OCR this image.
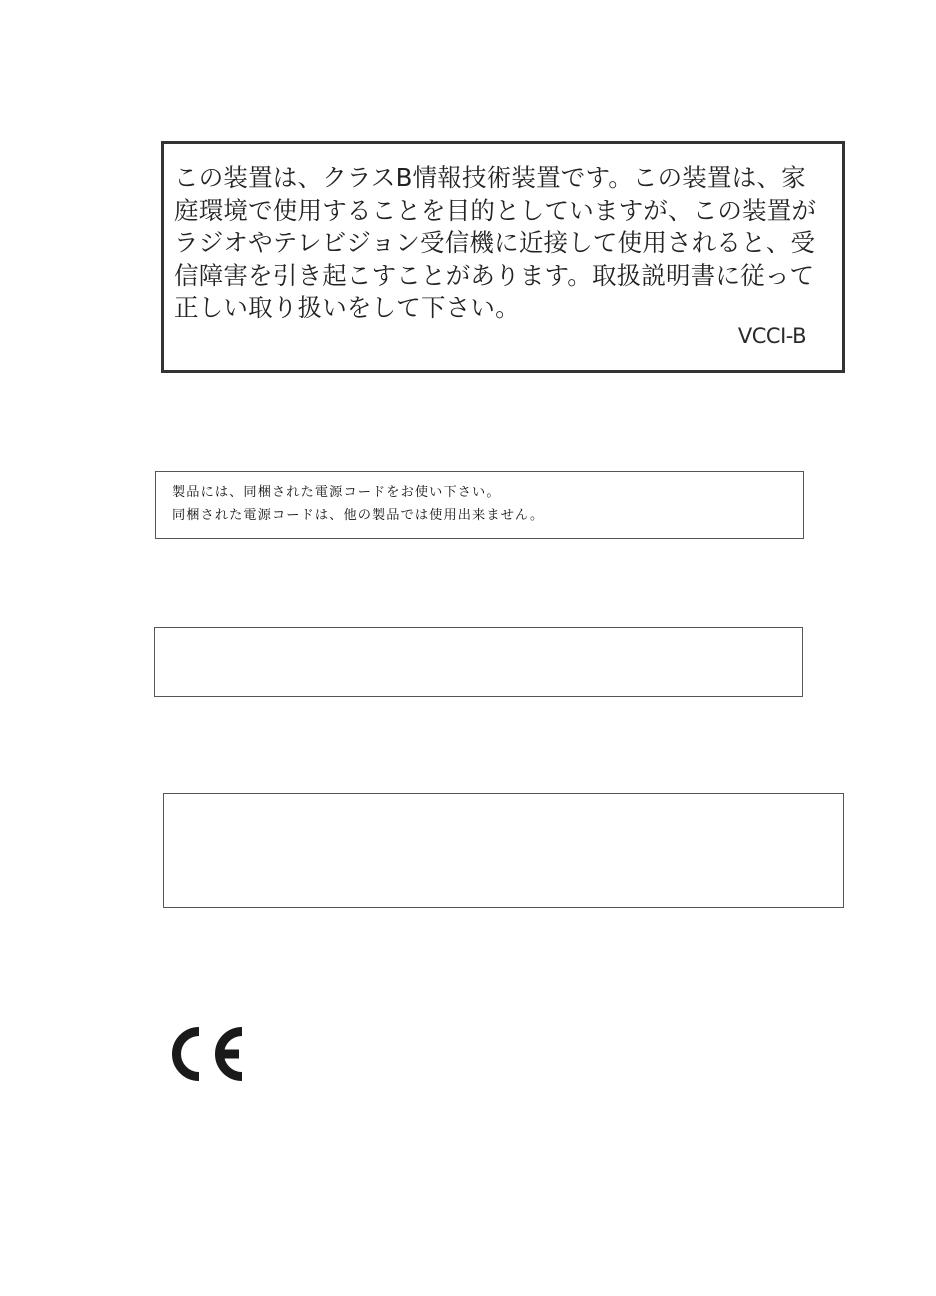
この装置は、クラスB情報技術装置です。この装置は、家
庭環境で使用することを目的としていますが、この装置が
ラジオやテレビジョン受信機に近接して使用されると、受
信障害を引き起こすことがあります。取扱説明書に従って
正しい取り扱いをして下さい。
VCCI-B
製品には、同梱された電源コードをお使い下さい。
同梱された電源コードは、他の製品では使用出来ません。
